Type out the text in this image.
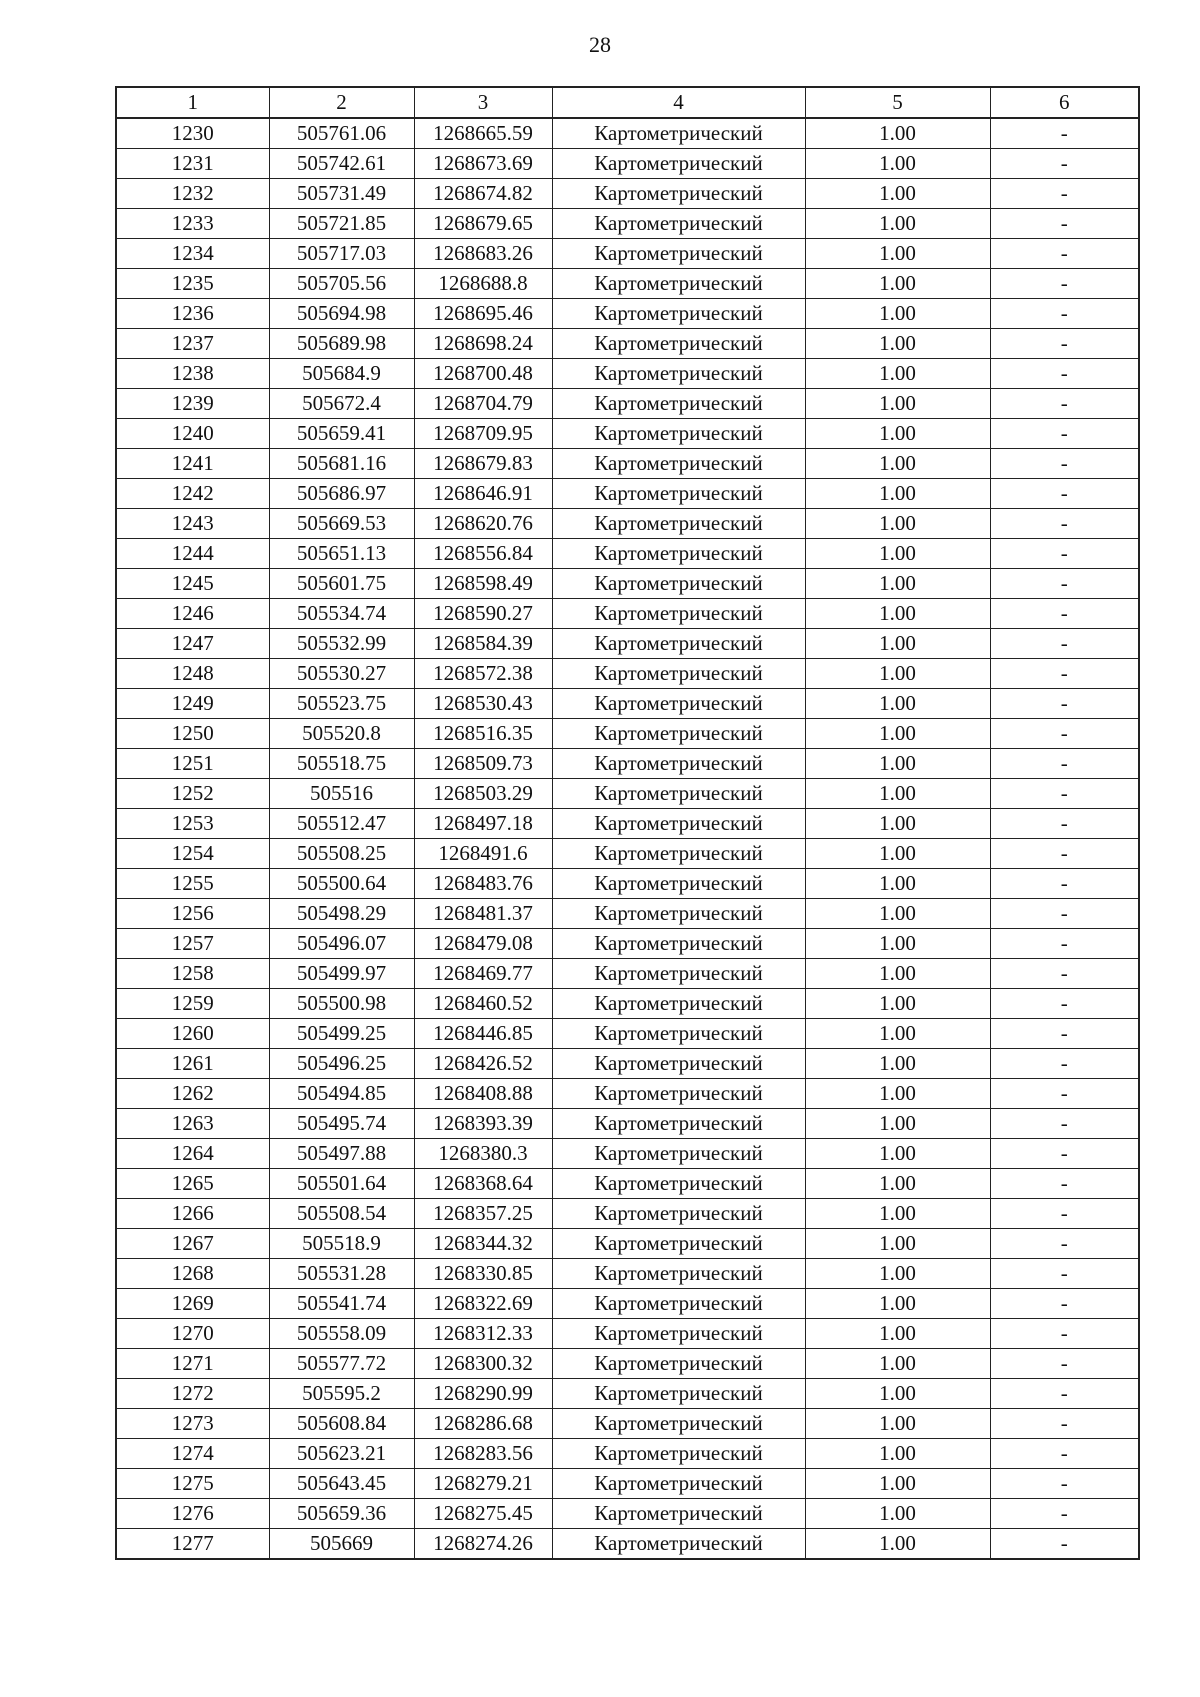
28
1	2	3	4	5	6
1230	505761.06	1268665.59	Картометрический	1.00	-
1231	505742.61	1268673.69	Картометрический	1.00	-
1232	505731.49	1268674.82	Картометрический	1.00	-
1233	505721.85	1268679.65	Картометрический	1.00	-
1234	505717.03	1268683.26	Картометрический	1.00	-
1235	505705.56	1268688.8	Картометрический	1.00	-
1236	505694.98	1268695.46	Картометрический	1.00	-
1237	505689.98	1268698.24	Картометрический	1.00	-
1238	505684.9	1268700.48	Картометрический	1.00	-
1239	505672.4	1268704.79	Картометрический	1.00	-
1240	505659.41	1268709.95	Картометрический	1.00	-
1241	505681.16	1268679.83	Картометрический	1.00	-
1242	505686.97	1268646.91	Картометрический	1.00	-
1243	505669.53	1268620.76	Картометрический	1.00	-
1244	505651.13	1268556.84	Картометрический	1.00	-
1245	505601.75	1268598.49	Картометрический	1.00	-
1246	505534.74	1268590.27	Картометрический	1.00	-
1247	505532.99	1268584.39	Картометрический	1.00	-
1248	505530.27	1268572.38	Картометрический	1.00	-
1249	505523.75	1268530.43	Картометрический	1.00	-
1250	505520.8	1268516.35	Картометрический	1.00	-
1251	505518.75	1268509.73	Картометрический	1.00	-
1252	505516	1268503.29	Картометрический	1.00	-
1253	505512.47	1268497.18	Картометрический	1.00	-
1254	505508.25	1268491.6	Картометрический	1.00	-
1255	505500.64	1268483.76	Картометрический	1.00	-
1256	505498.29	1268481.37	Картометрический	1.00	-
1257	505496.07	1268479.08	Картометрический	1.00	-
1258	505499.97	1268469.77	Картометрический	1.00	-
1259	505500.98	1268460.52	Картометрический	1.00	-
1260	505499.25	1268446.85	Картометрический	1.00	-
1261	505496.25	1268426.52	Картометрический	1.00	-
1262	505494.85	1268408.88	Картометрический	1.00	-
1263	505495.74	1268393.39	Картометрический	1.00	-
1264	505497.88	1268380.3	Картометрический	1.00	-
1265	505501.64	1268368.64	Картометрический	1.00	-
1266	505508.54	1268357.25	Картометрический	1.00	-
1267	505518.9	1268344.32	Картометрический	1.00	-
1268	505531.28	1268330.85	Картометрический	1.00	-
1269	505541.74	1268322.69	Картометрический	1.00	-
1270	505558.09	1268312.33	Картометрический	1.00	-
1271	505577.72	1268300.32	Картометрический	1.00	-
1272	505595.2	1268290.99	Картометрический	1.00	-
1273	505608.84	1268286.68	Картометрический	1.00	-
1274	505623.21	1268283.56	Картометрический	1.00	-
1275	505643.45	1268279.21	Картометрический	1.00	-
1276	505659.36	1268275.45	Картометрический	1.00	-
1277	505669	1268274.26	Картометрический	1.00	-
